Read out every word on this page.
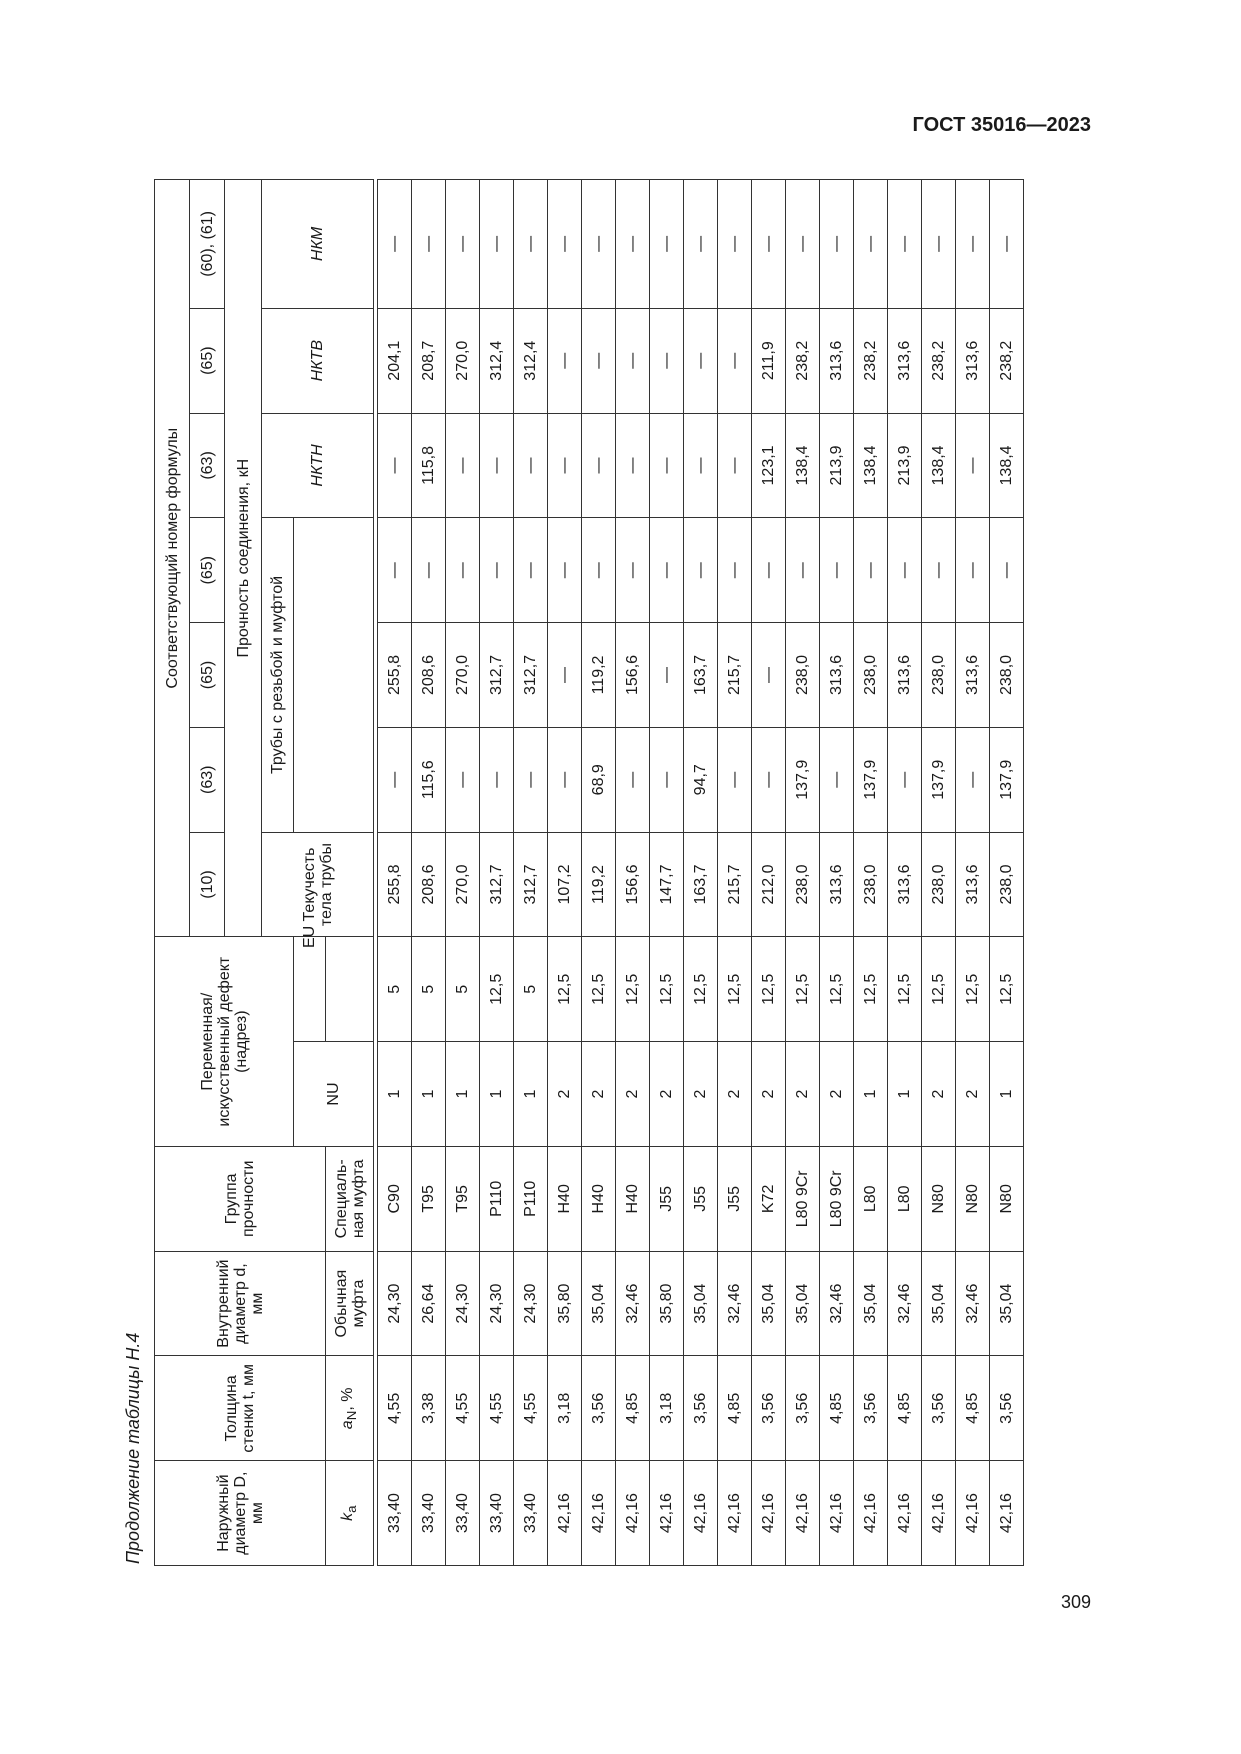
ГОСТ 35016—2023
Продолжение таблицы Н.4	Наружный диаметр D, мм	Толщина стенки t, мм	Внутренний диаметр d, мм	Группа прочности	Переменная/ искусственный дефект (надрез)		Соответствующий номер формулы						
						(10)	(63)	(65)	(65)	(63)	(65)	(60), (61)
						Прочность соединения, кН						
						Текучесть тела трубы	Трубы с резьбой и муфтой			НКТН	НКТВ	НКМ
				NU	EU							
$k_a$	$a_N$, %	Обычная муфта	Специаль-ная муфта									

33,40	4,55	24,30	C90	1	5	255,8	—	255,8	—	—	204,1	—
33,40	3,38	26,64	T95	1	5	208,6	115,6	208,6	—	115,8	208,7	—
33,40	4,55	24,30	T95	1	5	270,0	—	270,0	—	—	270,0	—
33,40	4,55	24,30	P110	1	12,5	312,7	—	312,7	—	—	312,4	—
33,40	4,55	24,30	P110	1	5	312,7	—	312,7	—	—	312,4	—
42,16	3,18	35,80	H40	2	12,5	107,2	—	—	—	—	—	—
42,16	3,56	35,04	H40	2	12,5	119,2	68,9	119,2	—	—	—	—
42,16	4,85	32,46	H40	2	12,5	156,6	—	156,6	—	—	—	—
42,16	3,18	35,80	J55	2	12,5	147,7	—	—	—	—	—	—
42,16	3,56	35,04	J55	2	12,5	163,7	94,7	163,7	—	—	—	—
42,16	4,85	32,46	J55	2	12,5	215,7	—	215,7	—	—	—	—
42,16	3,56	35,04	K72	2	12,5	212,0	—	—	—	123,1	211,9	—
42,16	3,56	35,04	L80 9Cr	2	12,5	238,0	137,9	238,0	—	138,4	238,2	—
42,16	4,85	32,46	L80 9Cr	2	12,5	313,6	—	313,6	—	213,9	313,6	—
42,16	3,56	35,04	L80	1	12,5	238,0	137,9	238,0	—	138,4	238,2	—
42,16	4,85	32,46	L80	1	12,5	313,6	—	313,6	—	213,9	313,6	—
42,16	3,56	35,04	N80	2	12,5	238,0	137,9	238,0	—	138,4	238,2	—
42,16	4,85	32,46	N80	2	12,5	313,6	—	313,6	—	—	313,6	—
42,16	3,56	35,04	N80	1	12,5	238,0	137,9	238,0	—	138,4	238,2	—
309
